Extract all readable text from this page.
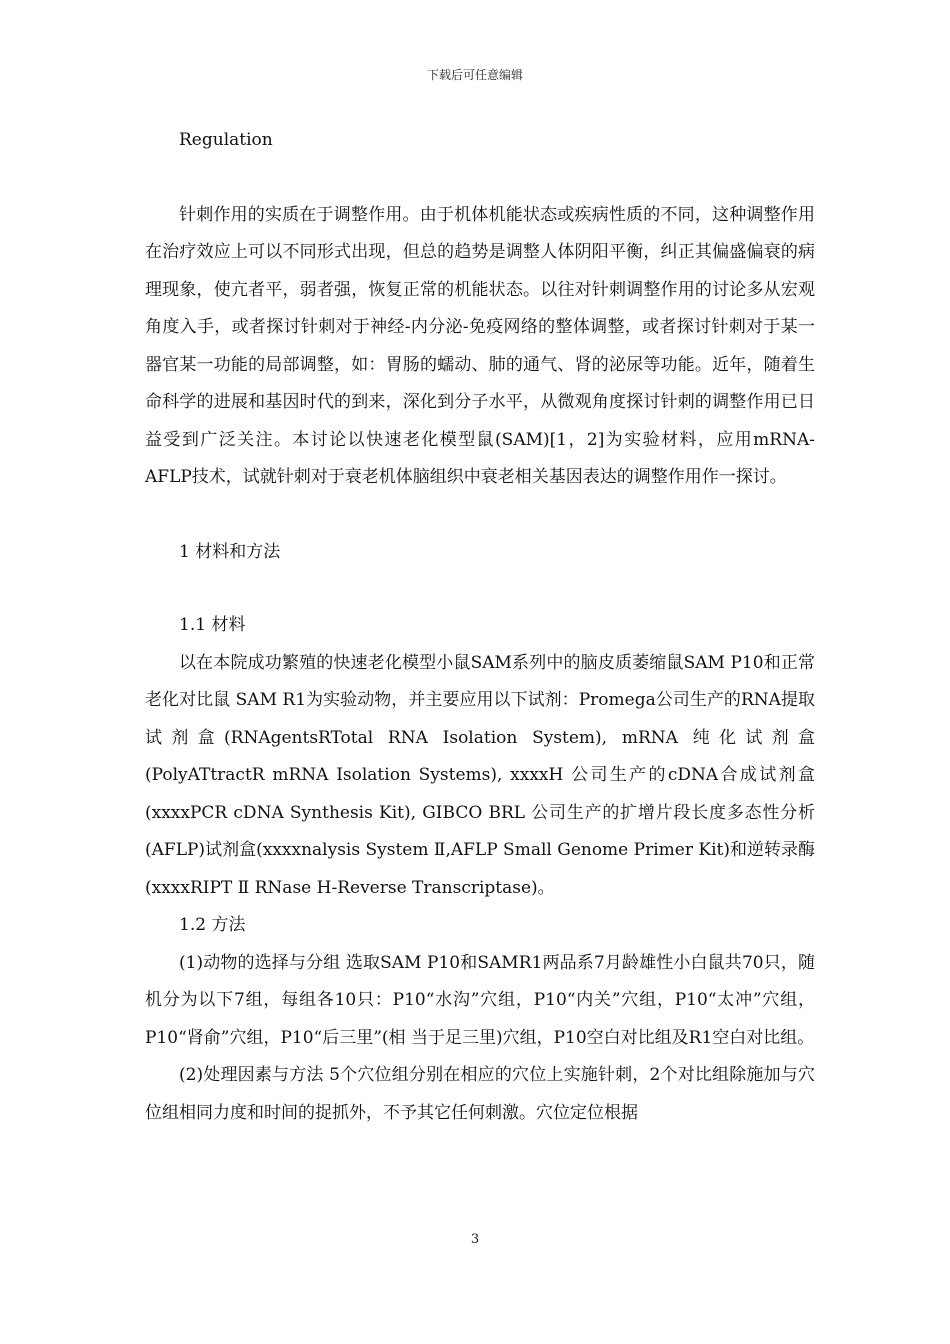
下载后可任意编辑

Regulation

针刺作用的实质在于调整作用。由于机体机能状态或疾病性质的不同，这种调整作用在治疗效应上可以不同形式出现，但总的趋势是调整人体阴阳平衡，纠正其偏盛偏衰的病理现象，使亢者平，弱者强，恢复正常的机能状态。以往对针刺调整作用的讨论多从宏观角度入手，或者探讨针刺对于神经-内分泌-免疫网络的整体调整，或者探讨针刺对于某一器官某一功能的局部调整，如：胃肠的蠕动、肺的通气、肾的泌尿等功能。近年，随着生命科学的进展和基因时代的到来，深化到分子水平，从微观角度探讨针刺的调整作用已日益受到广泛关注。本讨论以快速老化模型鼠(SAM)[1，2]为实验材料，应用mRNA-AFLP技术，试就针刺对于衰老机体脑组织中衰老相关基因表达的调整作用作一探讨。

1 材料和方法

1.1 材料

以在本院成功繁殖的快速老化模型小鼠SAM系列中的脑皮质萎缩鼠SAM P10和正常老化对比鼠 SAM R1为实验动物，并主要应用以下试剂：Promega公司生产的RNA提取试剂盒(RNAgentsRTotal RNA Isolation System), mRNA 纯化试剂盒(PolyATtractR mRNA Isolation Systems), xxxxH 公司生产的cDNA合成试剂盒(xxxxPCR cDNA Synthesis Kit), GIBCO BRL 公司生产的扩增片段长度多态性分析(AFLP)试剂盒(xxxxnalysis System Ⅱ,AFLP Small Genome Primer Kit)和逆转录酶(xxxxRIPT Ⅱ RNase H-Reverse Transcriptase)。

1.2 方法

(1)动物的选择与分组 选取SAM P10和SAMR1两品系7月龄雄性小白鼠共70只，随机分为以下7组，每组各10只：P10“水沟”穴组，P10“内关”穴组，P10“太冲”穴组，P10“肾俞”穴组，P10“后三里”(相 当于足三里)穴组，P10空白对比组及R1空白对比组。

(2)处理因素与方法 5个穴位组分别在相应的穴位上实施针刺，2个对比组除施加与穴位组相同力度和时间的捉抓外，不予其它任何刺激。穴位定位根据

3
